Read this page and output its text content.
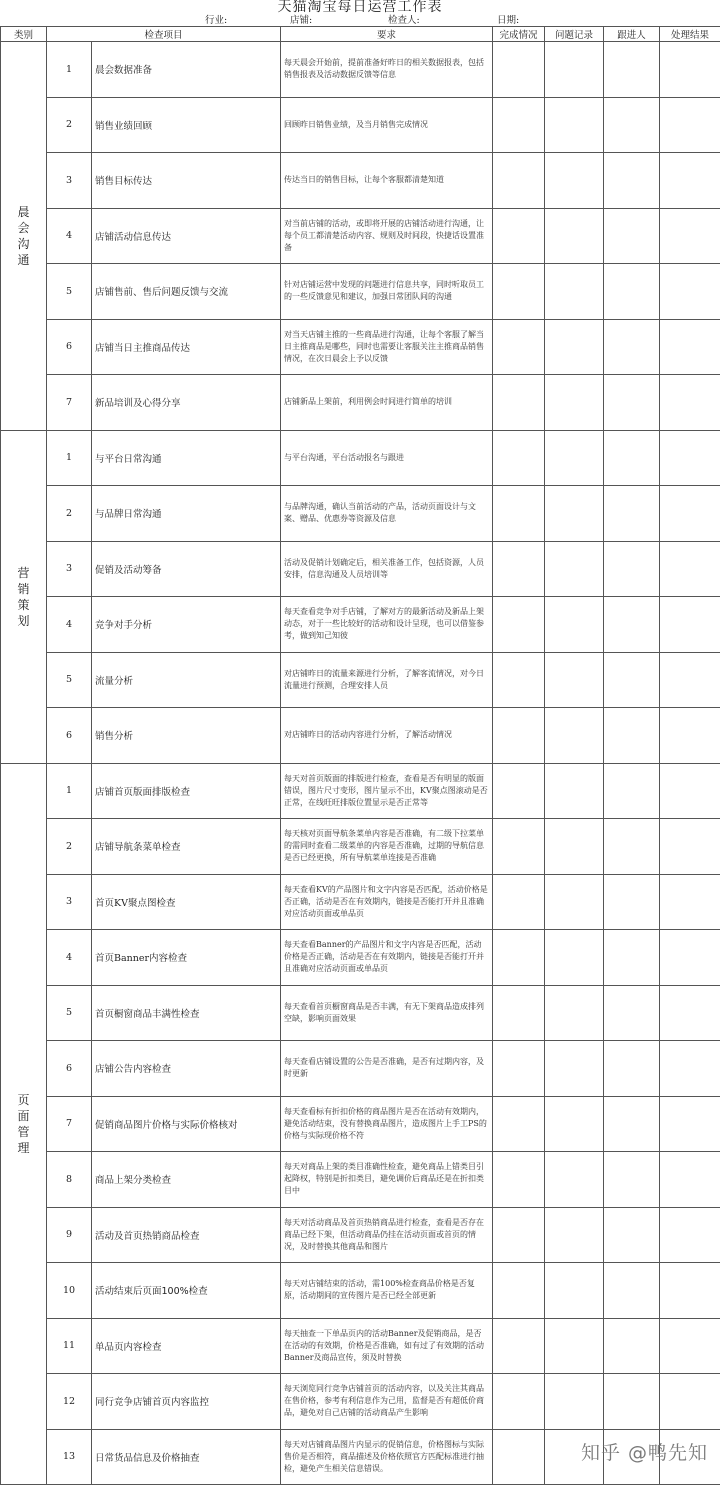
天猫淘宝每日运营工作表
行业:	店铺:	检查人:	日期:
类别	检查项目		要求	完成情况	问题记录	跟进人	处理结果
晨会沟通	1	晨会数据准备	每天晨会开始前，提前准备好昨日的相关数据报表，包括销售报表及活动数据反馈等信息				
	2	销售业绩回顾	回顾昨日销售业绩，及当月销售完成情况				
	3	销售目标传达	传达当日的销售目标，让每个客服都清楚知道				
	4	店铺活动信息传达	对当前店铺的活动，或即将开展的店铺活动进行沟通，让每个员工都清楚活动内容、规则及时间段，快捷话设置准备				
	5	店铺售前、售后问题反馈与交流	针对店铺运营中发现的问题进行信息共享，同时听取员工的一些反馈意见和建议，加强日常团队间的沟通				
	6	店铺当日主推商品传达	对当天店铺主推的一些商品进行沟通，让每个客服了解当日主推商品是哪些，同时也需要让客服关注主推商品销售情况，在次日晨会上予以反馈				
	7	新品培训及心得分享	店铺新品上架前，利用例会时间进行简单的培训				
营销策划	1	与平台日常沟通	与平台沟通，平台活动报名与跟进				
	2	与品牌日常沟通	与品牌沟通，确认当前活动的产品，活动页面设计与文案、赠品、优惠券等资源及信息				
	3	促销及活动筹备	活动及促销计划确定后，相关准备工作，包括资源，人员安排，信息沟通及人员培训等				
	4	竞争对手分析	每天查看竞争对手店铺，了解对方的最新活动及新品上架动态，对于一些比较好的活动和设计呈现，也可以借鉴参考，做到知己知彼				
	5	流量分析	对店铺昨日的流量来源进行分析，了解客流情况，对今日流量进行预测，合理安排人员				
	6	销售分析	对店铺昨日的活动内容进行分析，了解活动情况				
页面管理	1	店铺首页版面排版检查	每天对首页版面的排版进行检查，查看是否有明显的版面错误，图片尺寸变形，图片显示不出，KV聚点图滚动是否正常，在线旺旺排版位置显示是否正常等				
	2	店铺导航条菜单检查	每天核对页面导航条菜单内容是否准确，有二级下拉菜单的需同时查看二级菜单的内容是否准确，过期的导航信息是否已经更换，所有导航菜单连接是否准确				
	3	首页KV聚点图检查	每天查看KV的产品图片和文字内容是否匹配，活动价格是否正确，活动是否在有效期内，链接是否能打开并且准确对应活动页面或单品页				
	4	首页Banner内容检查	每天查看Banner的产品图片和文字内容是否匹配，活动价格是否正确，活动是否在有效期内，链接是否能打开并且准确对应活动页面或单品页				
	5	首页橱窗商品丰满性检查	每天查看首页橱窗商品是否丰满，有无下架商品造成排列空缺，影响页面效果				
	6	店铺公告内容检查	每天查看店铺设置的公告是否准确，是否有过期内容，及时更新				
	7	促销商品图片价格与实际价格核对	每天查看标有折扣价格的商品图片是否在活动有效期内，避免活动结束，没有替换商品图片，造成图片上手工PS的价格与实际现价格不符				
	8	商品上架分类检查	每天对商品上架的类目准确性检查，避免商品上错类目引起降权，特别是折扣类目，避免调价后商品还是在折扣类目中				
	9	活动及首页热销商品检查	每天对活动商品及首页热销商品进行检查，查看是否存在商品已经下架，但活动商品仍挂在活动页面或首页的情况，及时替换其他商品和图片				
	10	活动结束后页面100%检查	每天对店铺结束的活动，需100%检查商品价格是否复原，活动期间的宣传图片是否已经全部更新				
	11	单品页内容检查	每天抽查一下单品页内的活动Banner及促销商品，是否在活动的有效期，价格是否准确，如有过了有效期的活动Banner及商品宣传，须及时替换				
	12	同行竞争店铺首页内容监控	每天浏览同行竞争店铺首页的活动内容，以及关注其商品在售价格，参考有利信息作为己用，监督是否有超低价商品，避免对自己店铺的活动商品产生影响				
	13	日常货品信息及价格抽查	每天对店铺商品图片内显示的促销信息，价格图标与实际售价是否相符，商品描述及价格依照官方匹配标准进行抽检，避免产生相关信息错误。				
知乎 @鸭先知
